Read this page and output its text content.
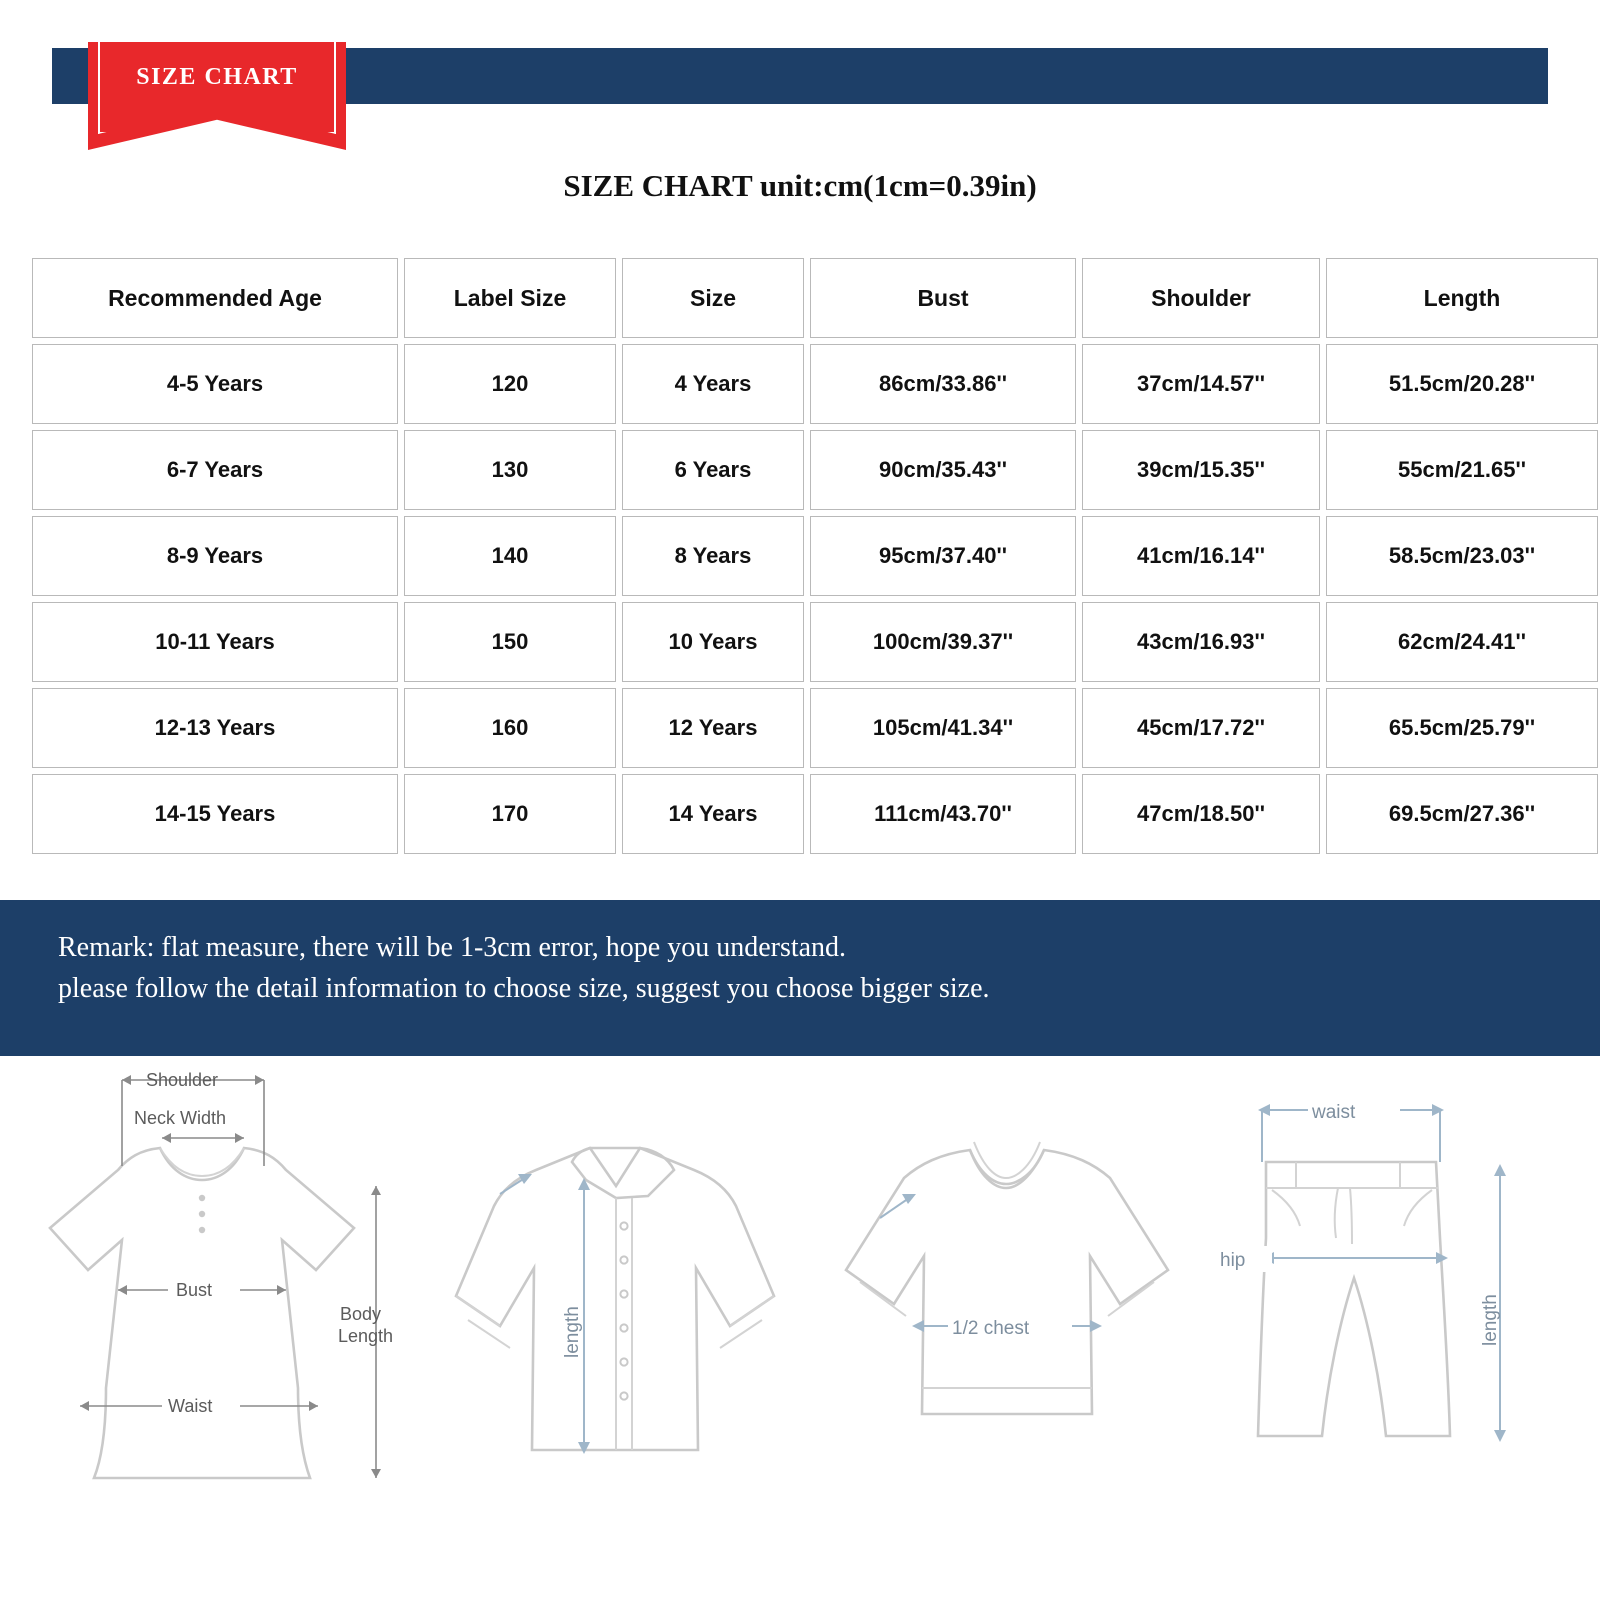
SIZE CHART
SIZE CHART unit:cm(1cm=0.39in)
Recommended Age	Label Size	Size	Bust	Shoulder	Length
4-5 Years	120	4 Years	86cm/33.86''	37cm/14.57''	51.5cm/20.28''
6-7 Years	130	6 Years	90cm/35.43''	39cm/15.35''	55cm/21.65''
8-9 Years	140	8 Years	95cm/37.40''	41cm/16.14''	58.5cm/23.03''
10-11 Years	150	10 Years	100cm/39.37''	43cm/16.93''	62cm/24.41''
12-13 Years	160	12 Years	105cm/41.34''	45cm/17.72''	65.5cm/25.79''
14-15 Years	170	14 Years	111cm/43.70''	47cm/18.50''	69.5cm/27.36''
Remark: flat measure, there will be 1-3cm error, hope you understand.
please follow the detail information to choose size, suggest you choose bigger size.
Shoulder
Neck Width
Bust
Waist
Body
Length	length	1/2 chest
waist
hip
length
